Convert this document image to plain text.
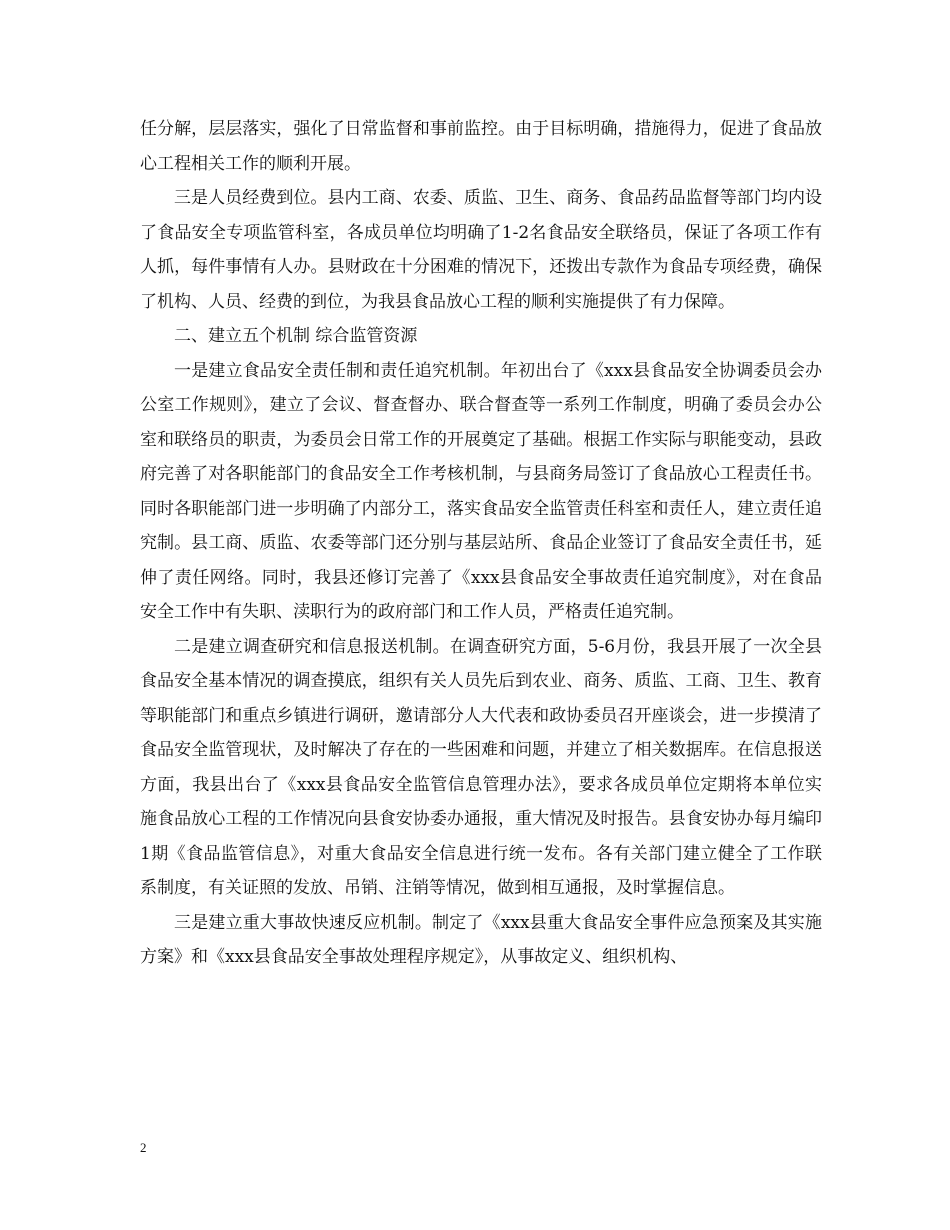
任分解，层层落实，强化了日常监督和事前监控。由于目标明确，措施得力，促进了食品放心工程相关工作的顺利开展。

三是人员经费到位。县内工商、农委、质监、卫生、商务、食品药品监督等部门均内设了食品安全专项监管科室，各成员单位均明确了1-2名食品安全联络员，保证了各项工作有人抓，每件事情有人办。县财政在十分困难的情况下，还拨出专款作为食品专项经费，确保了机构、人员、经费的到位，为我县食品放心工程的顺利实施提供了有力保障。

二、建立五个机制 综合监管资源

一是建立食品安全责任制和责任追究机制。年初出台了《xxx县食品安全协调委员会办公室工作规则》，建立了会议、督查督办、联合督查等一系列工作制度，明确了委员会办公室和联络员的职责，为委员会日常工作的开展奠定了基础。根据工作实际与职能变动，县政府完善了对各职能部门的食品安全工作考核机制，与县商务局签订了食品放心工程责任书。同时各职能部门进一步明确了内部分工，落实食品安全监管责任科室和责任人，建立责任追究制。县工商、质监、农委等部门还分别与基层站所、食品企业签订了食品安全责任书，延伸了责任网络。同时，我县还修订完善了《xxx县食品安全事故责任追究制度》，对在食品安全工作中有失职、渎职行为的政府部门和工作人员，严格责任追究制。

二是建立调查研究和信息报送机制。在调查研究方面，5-6月份，我县开展了一次全县食品安全基本情况的调查摸底，组织有关人员先后到农业、商务、质监、工商、卫生、教育等职能部门和重点乡镇进行调研，邀请部分人大代表和政协委员召开座谈会，进一步摸清了食品安全监管现状，及时解决了存在的一些困难和问题，并建立了相关数据库。在信息报送方面，我县出台了《xxx县食品安全监管信息管理办法》，要求各成员单位定期将本单位实施食品放心工程的工作情况向县食安协委办通报，重大情况及时报告。县食安协办每月编印1期《食品监管信息》，对重大食品安全信息进行统一发布。各有关部门建立健全了工作联系制度，有关证照的发放、吊销、注销等情况，做到相互通报，及时掌握信息。

三是建立重大事故快速反应机制。制定了《xxx县重大食品安全事件应急预案及其实施方案》和《xxx县食品安全事故处理程序规定》，从事故定义、组织机构、

2
